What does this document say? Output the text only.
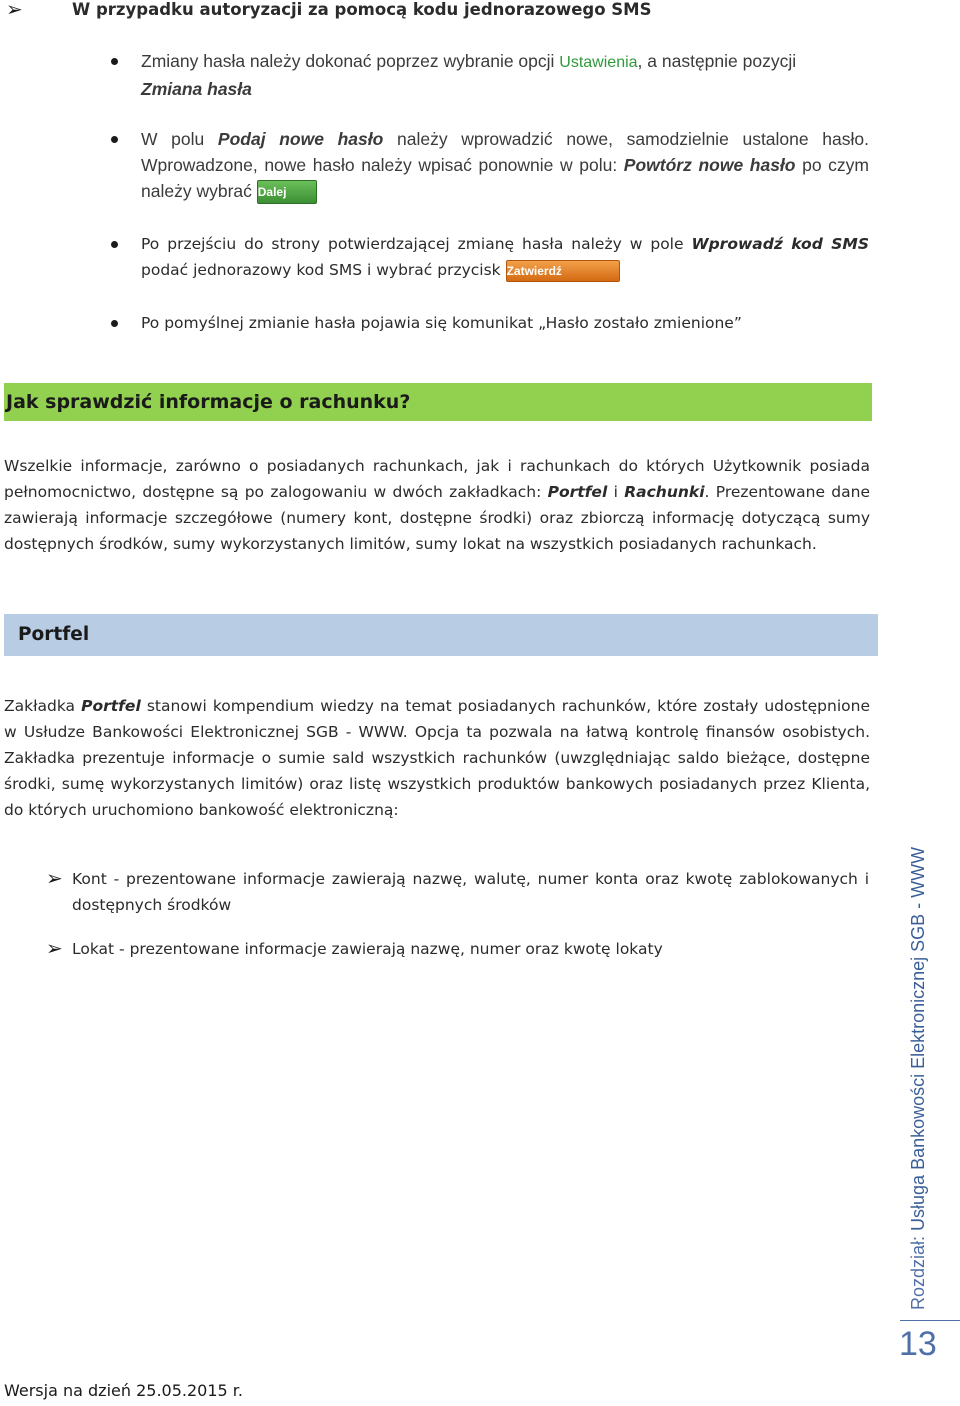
➢	W przypadku autoryzacji za pomocą kodu jednorazowego SMS
Zmiany hasła należy dokonać poprzez wybranie opcji Ustawienia, a następnie pozycji
Zmiana hasła
W polu Podaj nowe hasło należy wprowadzić nowe, samodzielnie ustalone hasło. Wprowadzone, nowe hasło należy wpisać ponownie w polu: Powtórz nowe hasło po czym należy wybrać Dalej
Po przejściu do strony potwierdzającej zmianę hasła należy w pole Wprowadź kod SMS podać jednorazowy kod SMS i wybrać przycisk Zatwierdź
Po pomyślnej zmianie hasła pojawia się komunikat „Hasło zostało zmienione”
Jak sprawdzić informacje o rachunku?
Wszelkie informacje, zarówno o posiadanych rachunkach, jak i rachunkach do których Użytkownik posiada pełnomocnictwo, dostępne są po zalogowaniu w dwóch zakładkach: Portfel i Rachunki. Prezentowane dane zawierają informacje szczegółowe (numery kont, dostępne środki) oraz zbiorczą informację dotyczącą sumy dostępnych środków, sumy wykorzystanych limitów, sumy lokat na wszystkich posiadanych rachunkach.
Portfel
Zakładka Portfel stanowi kompendium wiedzy na temat posiadanych rachunków, które zostały udostępnione w Usłudze Bankowości Elektronicznej SGB - WWW. Opcja ta pozwala na łatwą kontrolę finansów osobistych. Zakładka prezentuje informacje o sumie sald wszystkich rachunków (uwzględniając saldo bieżące, dostępne środki, sumę wykorzystanych limitów) oraz listę wszystkich produktów bankowych posiadanych przez Klienta, do których uruchomiono bankowość elektroniczną:
➢ Kont - prezentowane informacje zawierają nazwę, walutę, numer konta oraz kwotę zablokowanych i dostępnych środków
➢ Lokat - prezentowane informacje zawierają nazwę, numer oraz kwotę lokaty
Rozdział: Usługa Bankowości Elektronicznej SGB - WWW
13
Wersja na dzień 25.05.2015 r.
